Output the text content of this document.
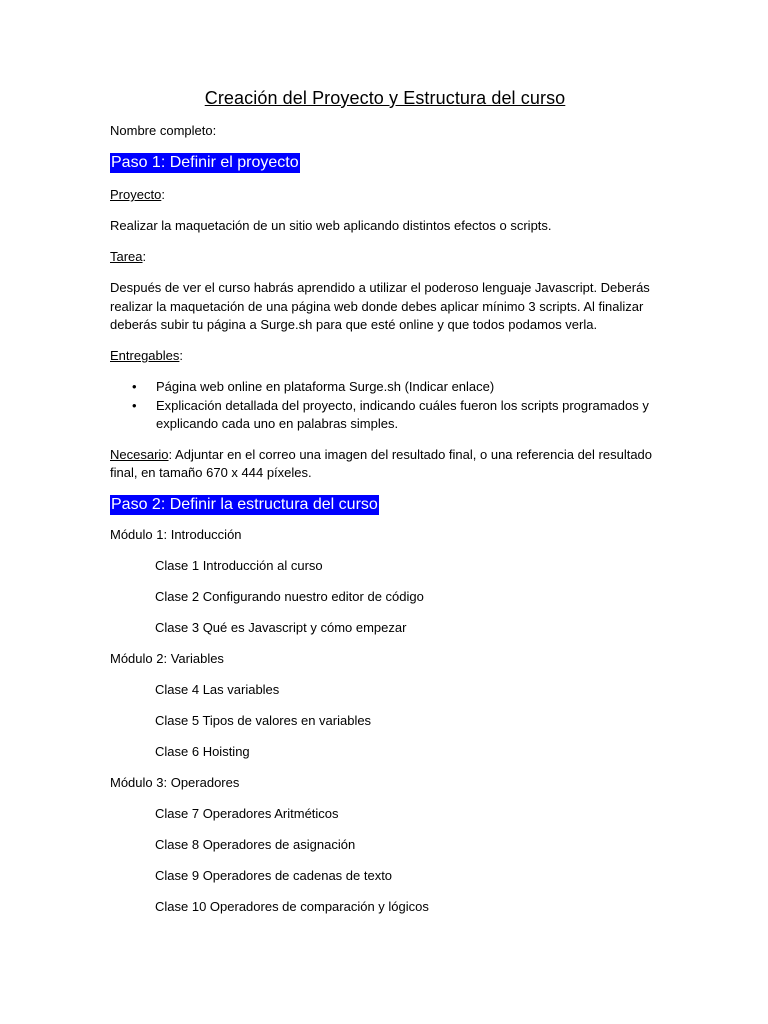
Creación del Proyecto y Estructura del curso
Nombre completo:
Paso 1: Definir el proyecto
Proyecto:
Realizar la maquetación de un sitio web aplicando distintos efectos o scripts.
Tarea:
Después de ver el curso habrás aprendido a utilizar el poderoso lenguaje Javascript. Deberás realizar la maquetación de una página web donde debes aplicar mínimo 3 scripts. Al finalizar deberás subir tu página a Surge.sh para que esté online y que todos podamos verla.
Entregables:
• Página web online en plataforma Surge.sh (Indicar enlace)
• Explicación detallada del proyecto, indicando cuáles fueron los scripts programados y explicando cada uno en palabras simples.
Necesario: Adjuntar en el correo una imagen del resultado final, o una referencia del resultado final, en tamaño 670 x 444 píxeles.
Paso 2: Definir la estructura del curso
Módulo 1: Introducción
Clase 1 Introducción al curso
Clase 2 Configurando nuestro editor de código
Clase 3 Qué es Javascript y cómo empezar
Módulo 2: Variables
Clase 4 Las variables
Clase 5 Tipos de valores en variables
Clase 6 Hoisting
Módulo 3: Operadores
Clase 7 Operadores Aritméticos
Clase 8 Operadores de asignación
Clase 9 Operadores de cadenas de texto
Clase 10 Operadores de comparación y lógicos
